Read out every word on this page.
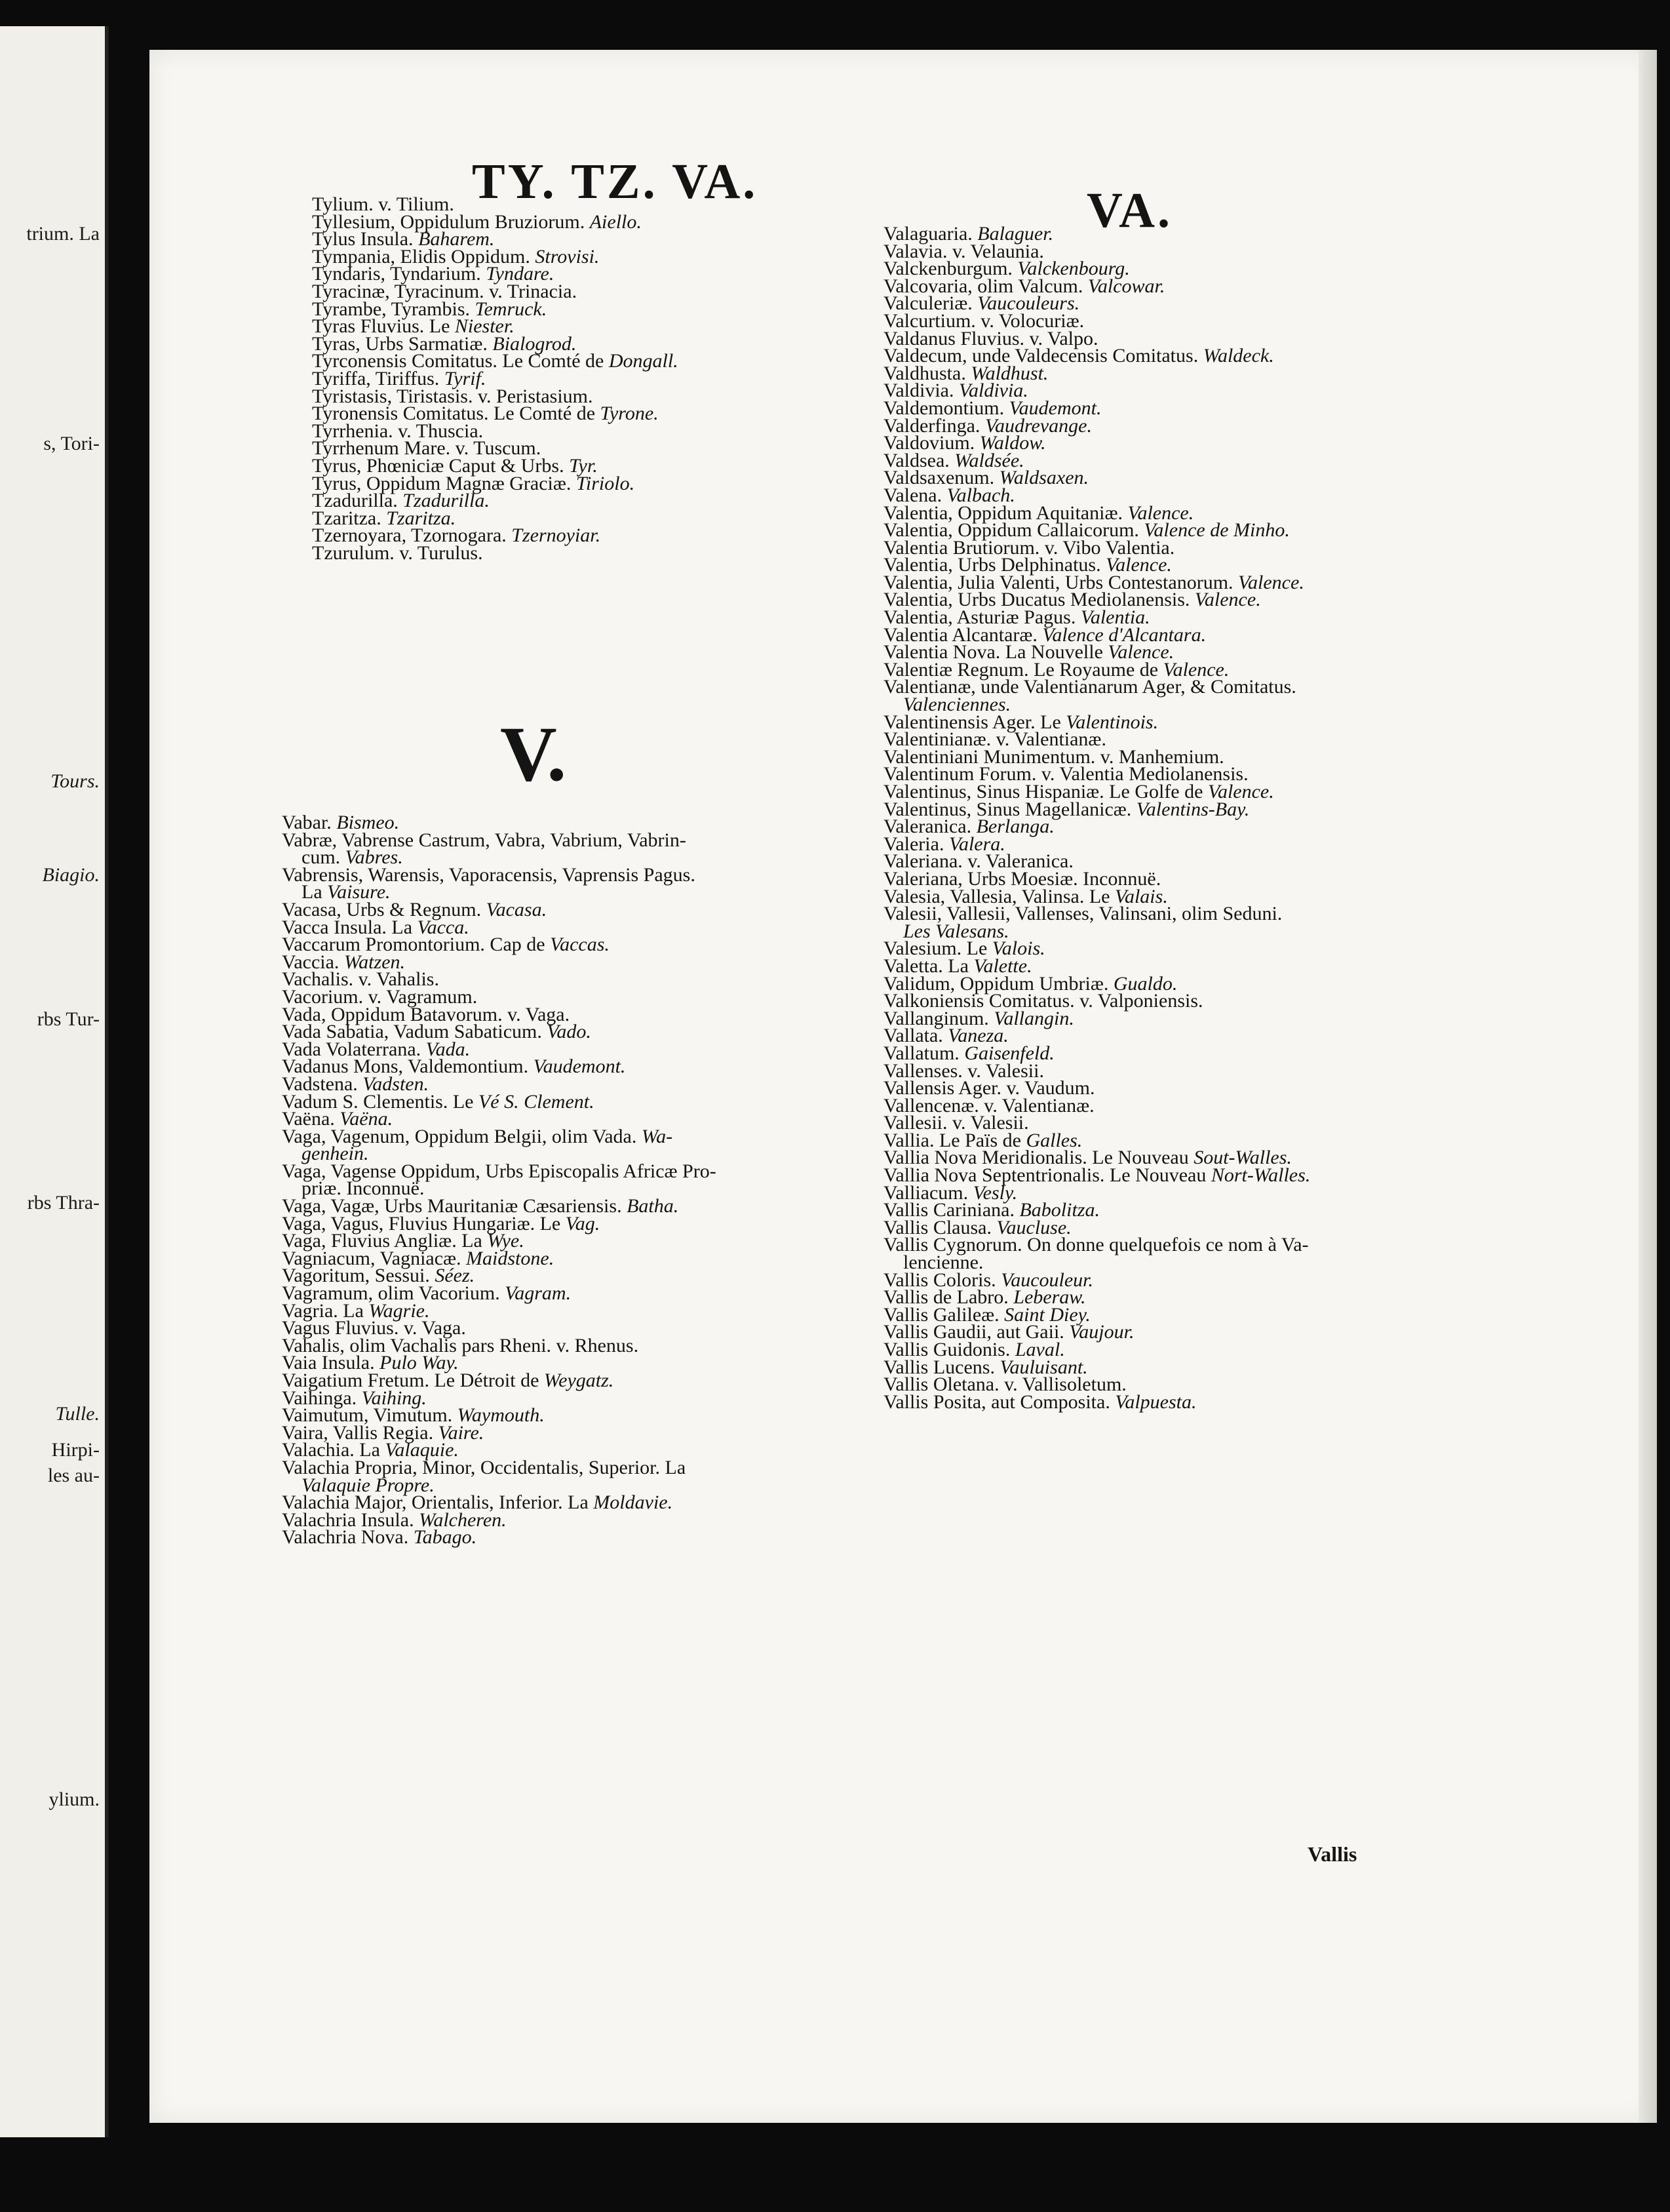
trium. La
s, Tori-
Tours.
Biagio.
rbs Tur-
rbs Thra-
Tulle.
Hirpi-
les au-
ylium.
TY. TZ. VA.
VA.
V.
Tylium. v. Tilium.
Tyllesium, Oppidulum Bruziorum. Aiello.
Tylus Insula. Baharem.
Tympania, Elidis Oppidum. Strovisi.
Tyndaris, Tyndarium. Tyndare.
Tyracinæ, Tyracinum. v. Trinacia.
Tyrambe, Tyrambis. Temruck.
Tyras Fluvius. Le Niester.
Tyras, Urbs Sarmatiæ. Bialogrod.
Tyrconensis Comitatus. Le Comté de Dongall.
Tyriffa, Tiriffus. Tyrif.
Tyristasis, Tiristasis. v. Peristasium.
Tyronensis Comitatus. Le Comté de Tyrone.
Tyrrhenia. v. Thuscia.
Tyrrhenum Mare. v. Tuscum.
Tyrus, Phœniciæ Caput & Urbs. Tyr.
Tyrus, Oppidum Magnæ Graciæ. Tiriolo.
Tzadurilla. Tzadurilla.
Tzaritza. Tzaritza.
Tzernoyara, Tzornogara. Tzernoyiar.
Tzurulum. v. Turulus.
Vabar. Bismeo.
Vabræ, Vabrense Castrum, Vabra, Vabrium, Vabrin-
cum. Vabres.
Vabrensis, Warensis, Vaporacensis, Vaprensis Pagus.
La Vaisure.
Vacasa, Urbs & Regnum. Vacasa.
Vacca Insula. La Vacca.
Vaccarum Promontorium. Cap de Vaccas.
Vaccia. Watzen.
Vachalis. v. Vahalis.
Vacorium. v. Vagramum.
Vada, Oppidum Batavorum. v. Vaga.
Vada Sabatia, Vadum Sabaticum. Vado.
Vada Volaterrana. Vada.
Vadanus Mons, Valdemontium. Vaudemont.
Vadstena. Vadsten.
Vadum S. Clementis. Le Vé S. Clement.
Vaëna. Vaëna.
Vaga, Vagenum, Oppidum Belgii, olim Vada. Wa-
genhein.
Vaga, Vagense Oppidum, Urbs Episcopalis Africæ Pro-
priæ. Inconnuë.
Vaga, Vagæ, Urbs Mauritaniæ Cæsariensis. Batha.
Vaga, Vagus, Fluvius Hungariæ. Le Vag.
Vaga, Fluvius Angliæ. La Wye.
Vagniacum, Vagniacæ. Maidstone.
Vagoritum, Sessui. Séez.
Vagramum, olim Vacorium. Vagram.
Vagria. La Wagrie.
Vagus Fluvius. v. Vaga.
Vahalis, olim Vachalis pars Rheni. v. Rhenus.
Vaia Insula. Pulo Way.
Vaigatium Fretum. Le Détroit de Weygatz.
Vaihinga. Vaihing.
Vaimutum, Vimutum. Waymouth.
Vaira, Vallis Regia. Vaire.
Valachia. La Valaquie.
Valachia Propria, Minor, Occidentalis, Superior. La
Valaquie Propre.
Valachia Major, Orientalis, Inferior. La Moldavie.
Valachria Insula. Walcheren.
Valachria Nova. Tabago.
Valaguaria. Balaguer.
Valavia. v. Velaunia.
Valckenburgum. Valckenbourg.
Valcovaria, olim Valcum. Valcowar.
Valculeriæ. Vaucouleurs.
Valcurtium. v. Volocuriæ.
Valdanus Fluvius. v. Valpo.
Valdecum, unde Valdecensis Comitatus. Waldeck.
Valdhusta. Waldhust.
Valdivia. Valdivia.
Valdemontium. Vaudemont.
Valderfinga. Vaudrevange.
Valdovium. Waldow.
Valdsea. Waldsée.
Valdsaxenum. Waldsaxen.
Valena. Valbach.
Valentia, Oppidum Aquitaniæ. Valence.
Valentia, Oppidum Callaicorum. Valence de Minho.
Valentia Brutiorum. v. Vibo Valentia.
Valentia, Urbs Delphinatus. Valence.
Valentia, Julia Valenti, Urbs Contestanorum. Valence.
Valentia, Urbs Ducatus Mediolanensis. Valence.
Valentia, Asturiæ Pagus. Valentia.
Valentia Alcantaræ. Valence d'Alcantara.
Valentia Nova. La Nouvelle Valence.
Valentiæ Regnum. Le Royaume de Valence.
Valentianæ, unde Valentianarum Ager, & Comitatus.
Valenciennes.
Valentinensis Ager. Le Valentinois.
Valentinianæ. v. Valentianæ.
Valentiniani Munimentum. v. Manhemium.
Valentinum Forum. v. Valentia Mediolanensis.
Valentinus, Sinus Hispaniæ. Le Golfe de Valence.
Valentinus, Sinus Magellanicæ. Valentins-Bay.
Valeranica. Berlanga.
Valeria. Valera.
Valeriana. v. Valeranica.
Valeriana, Urbs Moesiæ. Inconnuë.
Valesia, Vallesia, Valinsa. Le Valais.
Valesii, Vallesii, Vallenses, Valinsani, olim Seduni.
Les Valesans.
Valesium. Le Valois.
Valetta. La Valette.
Validum, Oppidum Umbriæ. Gualdo.
Valkoniensis Comitatus. v. Valponiensis.
Vallanginum. Vallangin.
Vallata. Vaneza.
Vallatum. Gaisenfeld.
Vallenses. v. Valesii.
Vallensis Ager. v. Vaudum.
Vallencenæ. v. Valentianæ.
Vallesii. v. Valesii.
Vallia. Le Païs de Galles.
Vallia Nova Meridionalis. Le Nouveau Sout-Walles.
Vallia Nova Septentrionalis. Le Nouveau Nort-Walles.
Valliacum. Vesly.
Vallis Cariniana. Babolitza.
Vallis Clausa. Vaucluse.
Vallis Cygnorum. On donne quelquefois ce nom à Va-
lencienne.
Vallis Coloris. Vaucouleur.
Vallis de Labro. Leberaw.
Vallis Galileæ. Saint Diey.
Vallis Gaudii, aut Gaii. Vaujour.
Vallis Guidonis. Laval.
Vallis Lucens. Vauluisant.
Vallis Oletana. v. Vallisoletum.
Vallis Posita, aut Composita. Valpuesta.
Vallis
